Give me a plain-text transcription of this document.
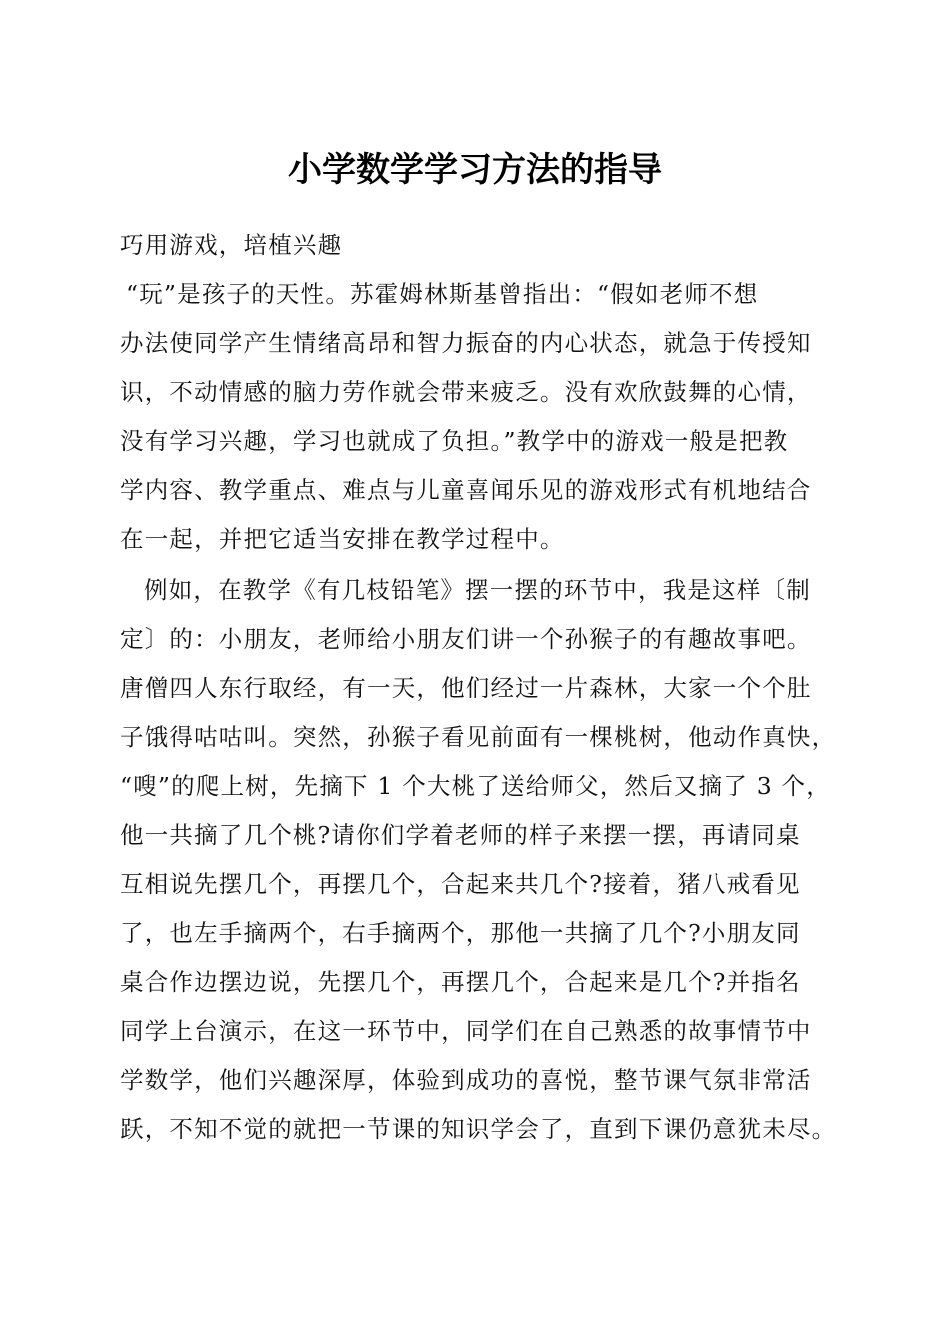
小学数学学习方法的指导
巧用游戏，培植兴趣
“玩”是孩子的天性。苏霍姆林斯基曾指出：“假如老师不想
办法使同学产生情绪高昂和智力振奋的内心状态，就急于传授知
识，不动情感的脑力劳作就会带来疲乏。没有欢欣鼓舞的心情，
没有学习兴趣，学习也就成了负担。”教学中的游戏一般是把教
学内容、教学重点、难点与儿童喜闻乐见的游戏形式有机地结合
在一起，并把它适当安排在教学过程中。
例如，在教学《有几枝铅笔》摆一摆的环节中，我是这样〔制
定〕的：小朋友，老师给小朋友们讲一个孙猴子的有趣故事吧。
唐僧四人东行取经，有一天，他们经过一片森林，大家一个个肚
子饿得咕咕叫。突然，孙猴子看见前面有一棵桃树，他动作真快，
“嗖”的爬上树，先摘下 1 个大桃了送给师父，然后又摘了 3 个，
他一共摘了几个桃?请你们学着老师的样子来摆一摆，再请同桌
互相说先摆几个，再摆几个，合起来共几个?接着，猪八戒看见
了，也左手摘两个，右手摘两个，那他一共摘了几个?小朋友同
桌合作边摆边说，先摆几个，再摆几个，合起来是几个?并指名
同学上台演示，在这一环节中，同学们在自己熟悉的故事情节中
学数学，他们兴趣深厚，体验到成功的喜悦，整节课气氛非常活
跃，不知不觉的就把一节课的知识学会了，直到下课仍意犹未尽。
